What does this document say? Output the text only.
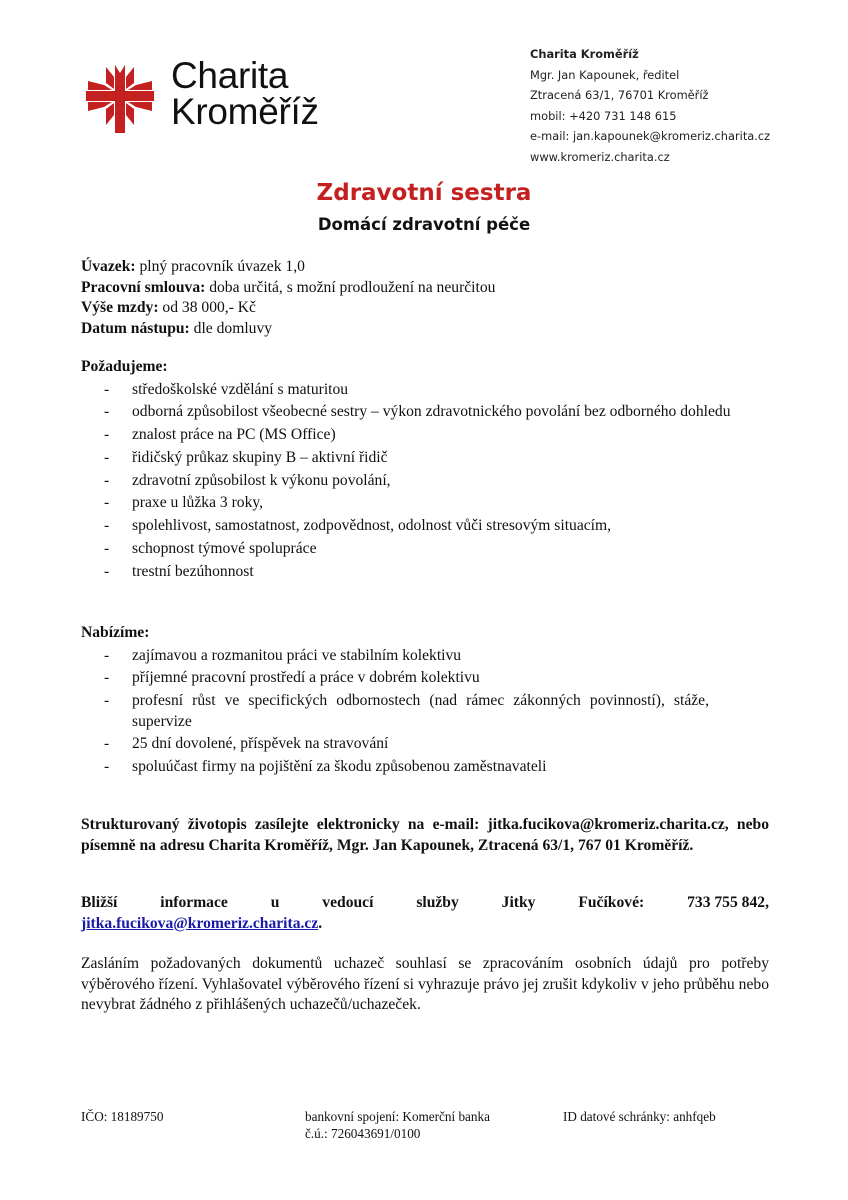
Charita
Kroměříž
Charita Kroměříž
Mgr. Jan Kapounek, ředitel
Ztracená 63/1, 76701 Kroměříž
mobil: +420 731 148 615
e-mail: jan.kapounek@kromeriz.charita.cz
www.kromeriz.charita.cz
Zdravotní sestra
Domácí zdravotní péče
Úvazek: plný pracovník úvazek 1,0
Pracovní smlouva: doba určitá, s možní prodloužení na neurčitou
Výše mzdy: od 38 000,- Kč
Datum nástupu: dle domluvy
Požadujeme:
- středoškolské vzdělání s maturitou
- odborná způsobilost všeobecné sestry – výkon zdravotnického povolání bez odborného dohledu
- znalost práce na PC (MS Office)
- řidičský průkaz skupiny B – aktivní řidič
- zdravotní způsobilost k výkonu povolání,
- praxe u lůžka 3 roky,
- spolehlivost, samostatnost, zodpovědnost, odolnost vůči stresovým situacím,
- schopnost týmové spolupráce
- trestní bezúhonnost
Nabízíme:
- zajímavou a rozmanitou práci ve stabilním kolektivu
- příjemné pracovní prostředí a práce v dobrém kolektivu
- profesní růst ve specifických odbornostech (nad rámec zákonných povinností), stáže, supervize
- 25 dní dovolené, příspěvek na stravování
- spoluúčast firmy na pojištění za škodu způsobenou zaměstnavateli
Strukturovaný životopis zasílejte elektronicky na e-mail: jitka.fucikova@kromeriz.charita.cz, nebo písemně na adresu Charita Kroměříž, Mgr. Jan Kapounek, Ztracená 63/1, 767 01 Kroměříž.
Bližší	informace	u	vedoucí	služby	Jitky	Fučíkové:	733 755 842,
jitka.fucikova@kromeriz.charita.cz.
Zasláním požadovaných dokumentů uchazeč souhlasí se zpracováním osobních údajů pro potřeby výběrového řízení. Vyhlašovatel výběrového řízení si vyhrazuje právo jej zrušit kdykoliv v jeho průběhu nebo nevybrat žádného z přihlášených uchazečů/uchazeček.
IČO: 18189750	bankovní spojení: Komerční banka
č.ú.: 726043691/0100
ID datové schránky: anhfqeb
